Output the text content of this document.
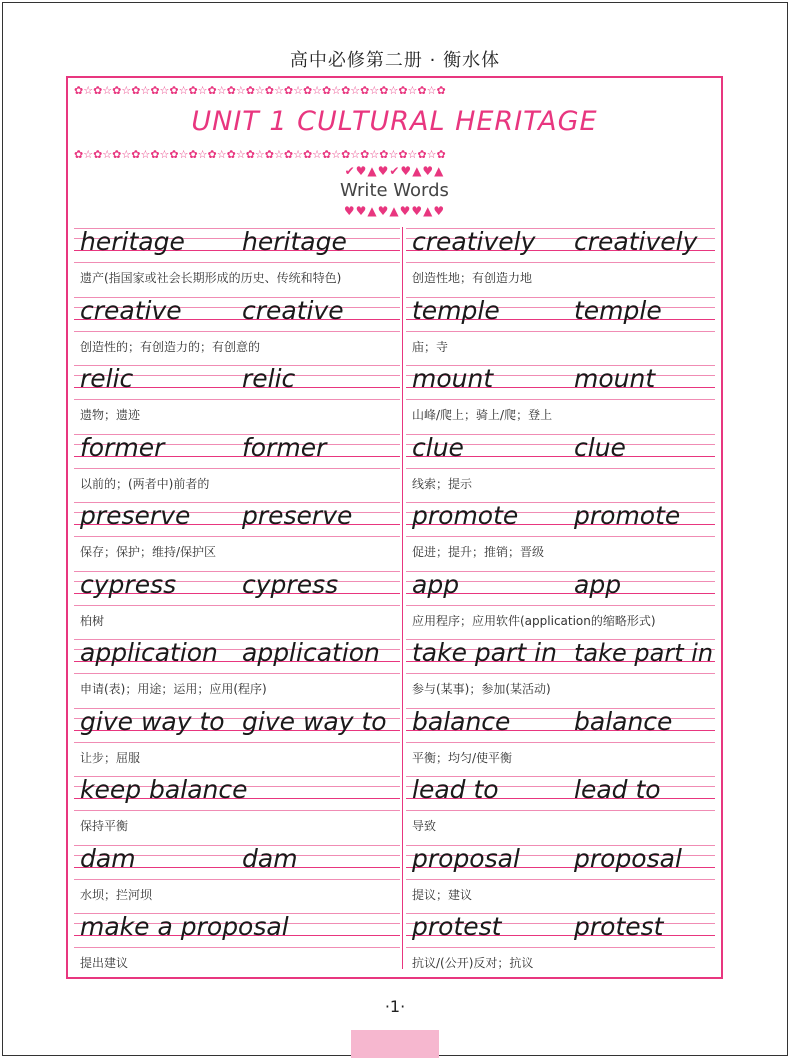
高中必修第二册 · 衡水体
✿☆✿☆✿☆✿☆✿☆✿☆✿☆✿☆✿☆✿☆✿☆✿☆✿☆✿☆✿☆✿☆✿☆✿☆✿☆✿
UNIT 1 CULTURAL HERITAGE
✿☆✿☆✿☆✿☆✿☆✿☆✿☆✿☆✿☆✿☆✿☆✿☆✿☆✿☆✿☆✿☆✿☆✿☆✿☆✿
✔♥▲♥✔♥▲♥▲
Write Words
♥♥▲♥▲♥♥▲♥
heritage heritage
遗产(指国家或社会长期形成的历史、传统和特色)
creatively creatively
创造性地；有创造力地
creative creative
创造性的；有创造力的；有创意的
temple	temple
庙；寺
relic	relic
遗物；遗迹
mount	mount
山峰/爬上；骑上/爬；登上
former	former
以前的；(两者中)前者的
clue	clue
线索；提示
preserve preserve
保存；保护；维持/保护区
promote promote
促进；提升；推销；晋级
cypress	cypress
柏树
app	app
应用程序；应用软件(application的缩略形式)
application application
申请(表)；用途；运用；应用(程序)
take part in take part in
参与(某事)；参加(某活动)
give way to give way to
让步；屈服
balance	balance
平衡；均匀/使平衡
keep balance
保持平衡
lead to	lead to
导致
dam	dam
水坝；拦河坝
proposal proposal
提议；建议
make a proposal
提出建议
protest	protest
抗议/(公开)反对；抗议
·1·
